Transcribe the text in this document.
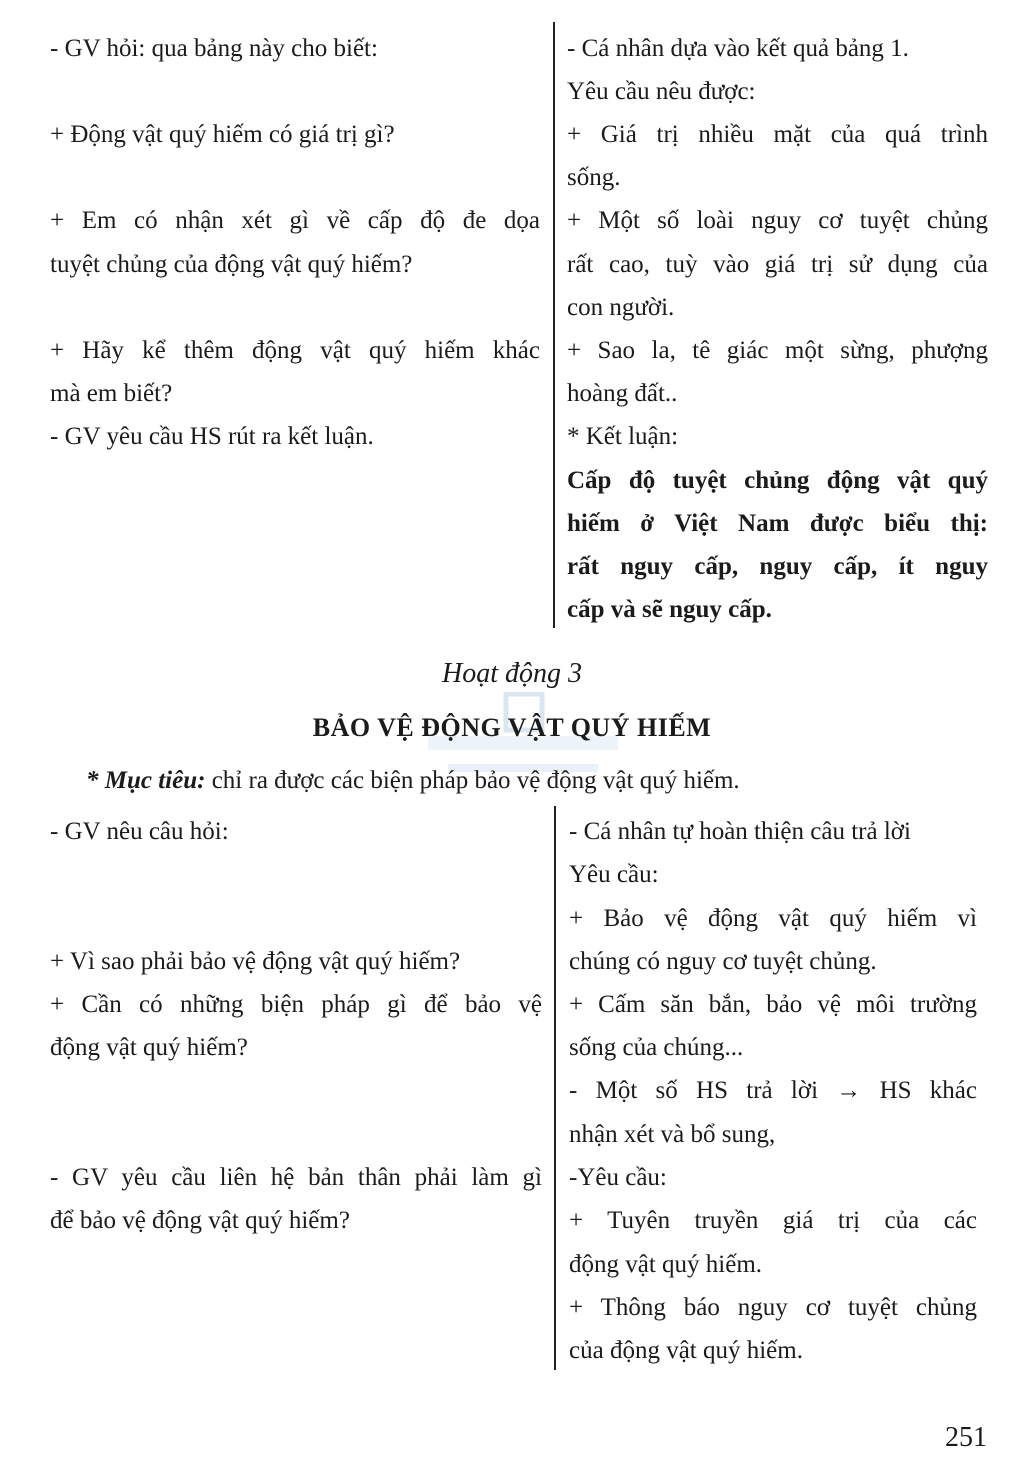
- GV hỏi: qua bảng này cho biết:
+ Động vật quý hiếm có giá trị gì?
+ Em có nhận xét gì về cấp độ đe dọa
tuyệt chủng của động vật quý hiếm?
+ Hãy kể thêm động vật quý hiếm khác
mà em biết?
- GV yêu cầu HS rút ra kết luận.
- Cá nhân dựa vào kết quả bảng 1.
Yêu cầu nêu được:
+ Giá trị nhiều mặt của quá trình
sống.
+ Một số loài nguy cơ tuyệt chủng
rất cao, tuỳ vào giá trị sử dụng của
con người.
+ Sao la, tê giác một sừng, phượng
hoàng đất..
* Kết luận:
Cấp độ tuyệt chủng động vật quý
hiếm ở Việt Nam được biểu thị:
rất nguy cấp, nguy cấp, ít nguy
cấp và sẽ nguy cấp.
Hoạt động 3
BẢO VỆ ĐỘNG VẬT QUÝ HIẾM
* Mục tiêu: chỉ ra được các biện pháp bảo vệ động vật quý hiếm.
- GV nêu câu hỏi:
+ Vì sao phải bảo vệ động vật quý hiếm?
+ Cần có những biện pháp gì để bảo vệ
động vật quý hiếm?
- GV yêu cầu liên hệ bản thân phải làm gì
để bảo vệ động vật quý hiếm?
- Cá nhân tự hoàn thiện câu trả lời
Yêu cầu:
+ Bảo vệ động vật quý hiếm vì
chúng có nguy cơ tuyệt chủng.
+ Cấm săn bắn, bảo vệ môi trường
sống của chúng...
- Một số HS trả lời → HS khác
nhận xét và bổ sung,
-Yêu cầu:
+ Tuyên truyền giá trị của các
động vật quý hiếm.
+ Thông báo nguy cơ tuyệt chủng
của động vật quý hiếm.
251
